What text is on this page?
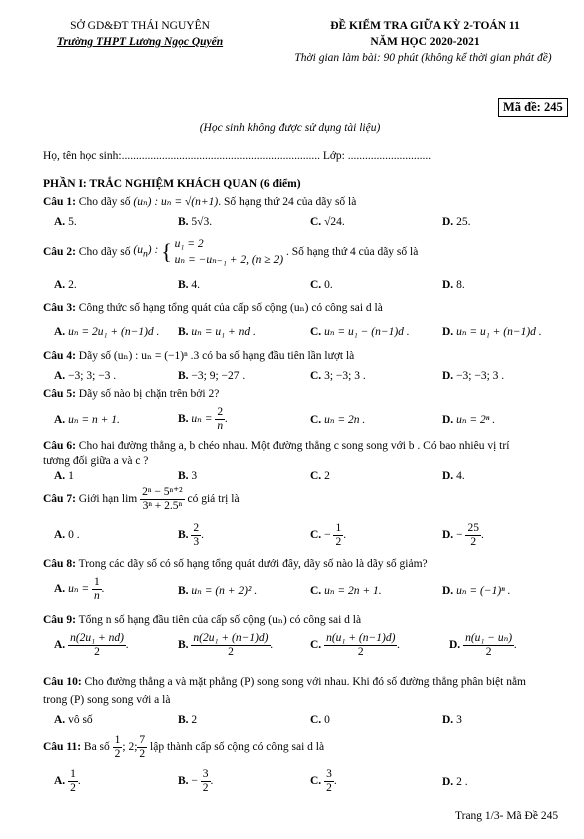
SỞ GD&ĐT THÁI NGUYÊN
Trường THPT Lương Ngọc Quyến
ĐỀ KIỂM TRA GIỮA KỲ 2-TOÁN 11
NĂM HỌC 2020-2021
Thời gian làm bài: 90 phút (không kể thời gian phát đề)
Mã đề: 245
(Học sinh không được sử dụng tài liệu)
Họ, tên học sinh:..................................................................... Lớp: .............................
PHẦN I: TRẮC NGHIỆM KHÁCH QUAN (6 điểm)
Câu 1: Cho dãy số (uₙ) : uₙ = √(n+1). Số hạng thứ 24 của dãy số là
A. 5.	B. 5√3.	C. √24.	D. 25.
Câu 2: Cho dãy số $(u_n)$ : { u₁ = 2
uₙ = −uₙ₋₁ + 2, (n ≥ 2)
. Số hạng thứ 4 của dãy số là
A. 2.	B. 4.	C. 0.	D. 8.
Câu 3: Công thức số hạng tổng quát của cấp số cộng (uₙ) có công sai d là
A. uₙ = 2u₁ + (n−1)d . B. uₙ = u₁ + nd .	C. uₙ = u₁ − (n−1)d .	D. uₙ = u₁ + (n−1)d .
Câu 4: Dãy số (uₙ) : uₙ = (−1)ⁿ .3 có ba số hạng đầu tiên lần lượt là
A. −3; 3; −3 .	B. −3; 9; −27 .	C. 3; −3; 3 .	D. −3; −3; 3 .
Câu 5: Dãy số nào bị chặn trên bởi 2?
A. uₙ = n + 1.	B. $u_n = \frac{2}{n}$ .	C. uₙ = 2n .	D. uₙ = 2ⁿ .
Câu 6: Cho hai đường thẳng a, b chéo nhau. Một đường thẳng c song song với b . Có bao nhiêu vị trí
tương đối giữa a và c ?
A. 1	B. 3	C. 2	D. 4.
Câu 7: Giới hạn $\lim \frac{\text{2ⁿ − 5ⁿ⁺²}}{\text{3ⁿ + 2.5ⁿ}}$ có giá trị là
A. 0 .	B. $\frac{2}{3}$ .	C. − $\frac{1}{2}$ .	D. − $\frac{25}{2}$ .
Câu 8: Trong các dãy số có số hạng tổng quát dưới đây, dãy số nào là dãy số giảm?
A. $u_n = \frac{1}{n}$ .	B. uₙ = (n + 2)² .	C. uₙ = 2n + 1.	D. uₙ = (−1)ⁿ .
Câu 9: Tổng n số hạng đầu tiên của cấp số cộng (uₙ) có công sai d là
A. $\frac{\text{n(2u₁ + nd)}}{2}$ .	B. $\frac{\text{n(2u₁ + (n−1)d)}}{2}$ .	C. $\frac{\text{n(u₁ + (n−1)d)}}{2}$ .	D. $\frac{\text{n(u₁ − uₙ)}}{2}$ .
Câu 10: Cho đường thẳng a và mặt phẳng (P) song song với nhau. Khi đó số đường thẳng phân biệt nằm
trong (P) song song với a là
A. vô số	B. 2	C. 0	D. 3
Câu 11: Ba số $\frac{1}{2}$ ; 2; $\frac{7}{2}$ lập thành cấp số cộng có công sai d là
A. $\frac{1}{2}$ .	B. − $\frac{3}{2}$ .	C. $\frac{3}{2}$ .	D. 2 .
Trang 1/3- Mã Đề 245
